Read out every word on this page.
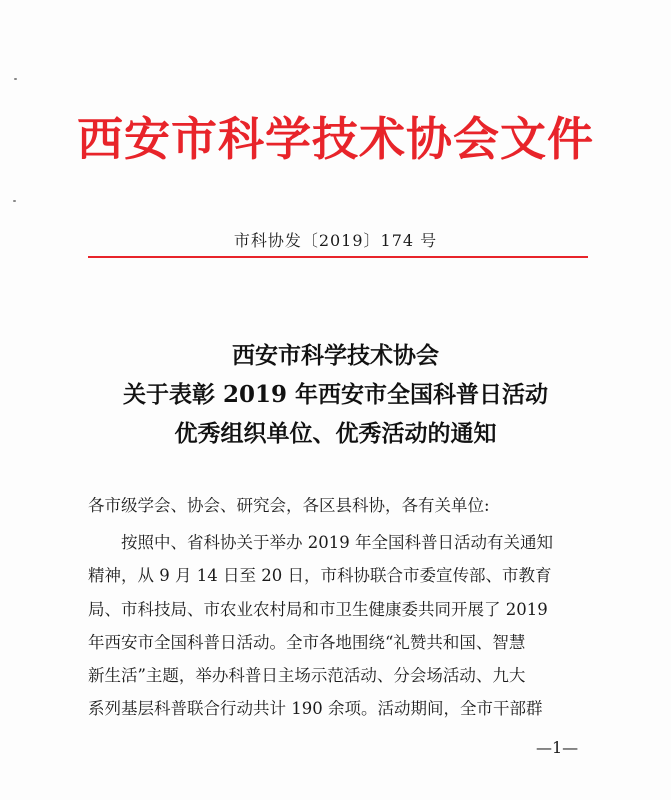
西安市科学技术协会文件
市科协发〔2019〕174 号
西安市科学技术协会
关于表彰 2019 年西安市全国科普日活动
优秀组织单位、优秀活动的通知
各市级学会、协会、研究会，各区县科协，各有关单位:
按照中、省科协关于举办 2019 年全国科普日活动有关通知
精神，从 9 月 14 日至 20 日，市科协联合市委宣传部、市教育
局、市科技局、市农业农村局和市卫生健康委共同开展了 2019
年西安市全国科普日活动。全市各地围绕“礼赞共和国、智慧
新生活”主题，举办科普日主场示范活动、分会场活动、九大
系列基层科普联合行动共计 190 余项。活动期间，全市干部群
—1—
